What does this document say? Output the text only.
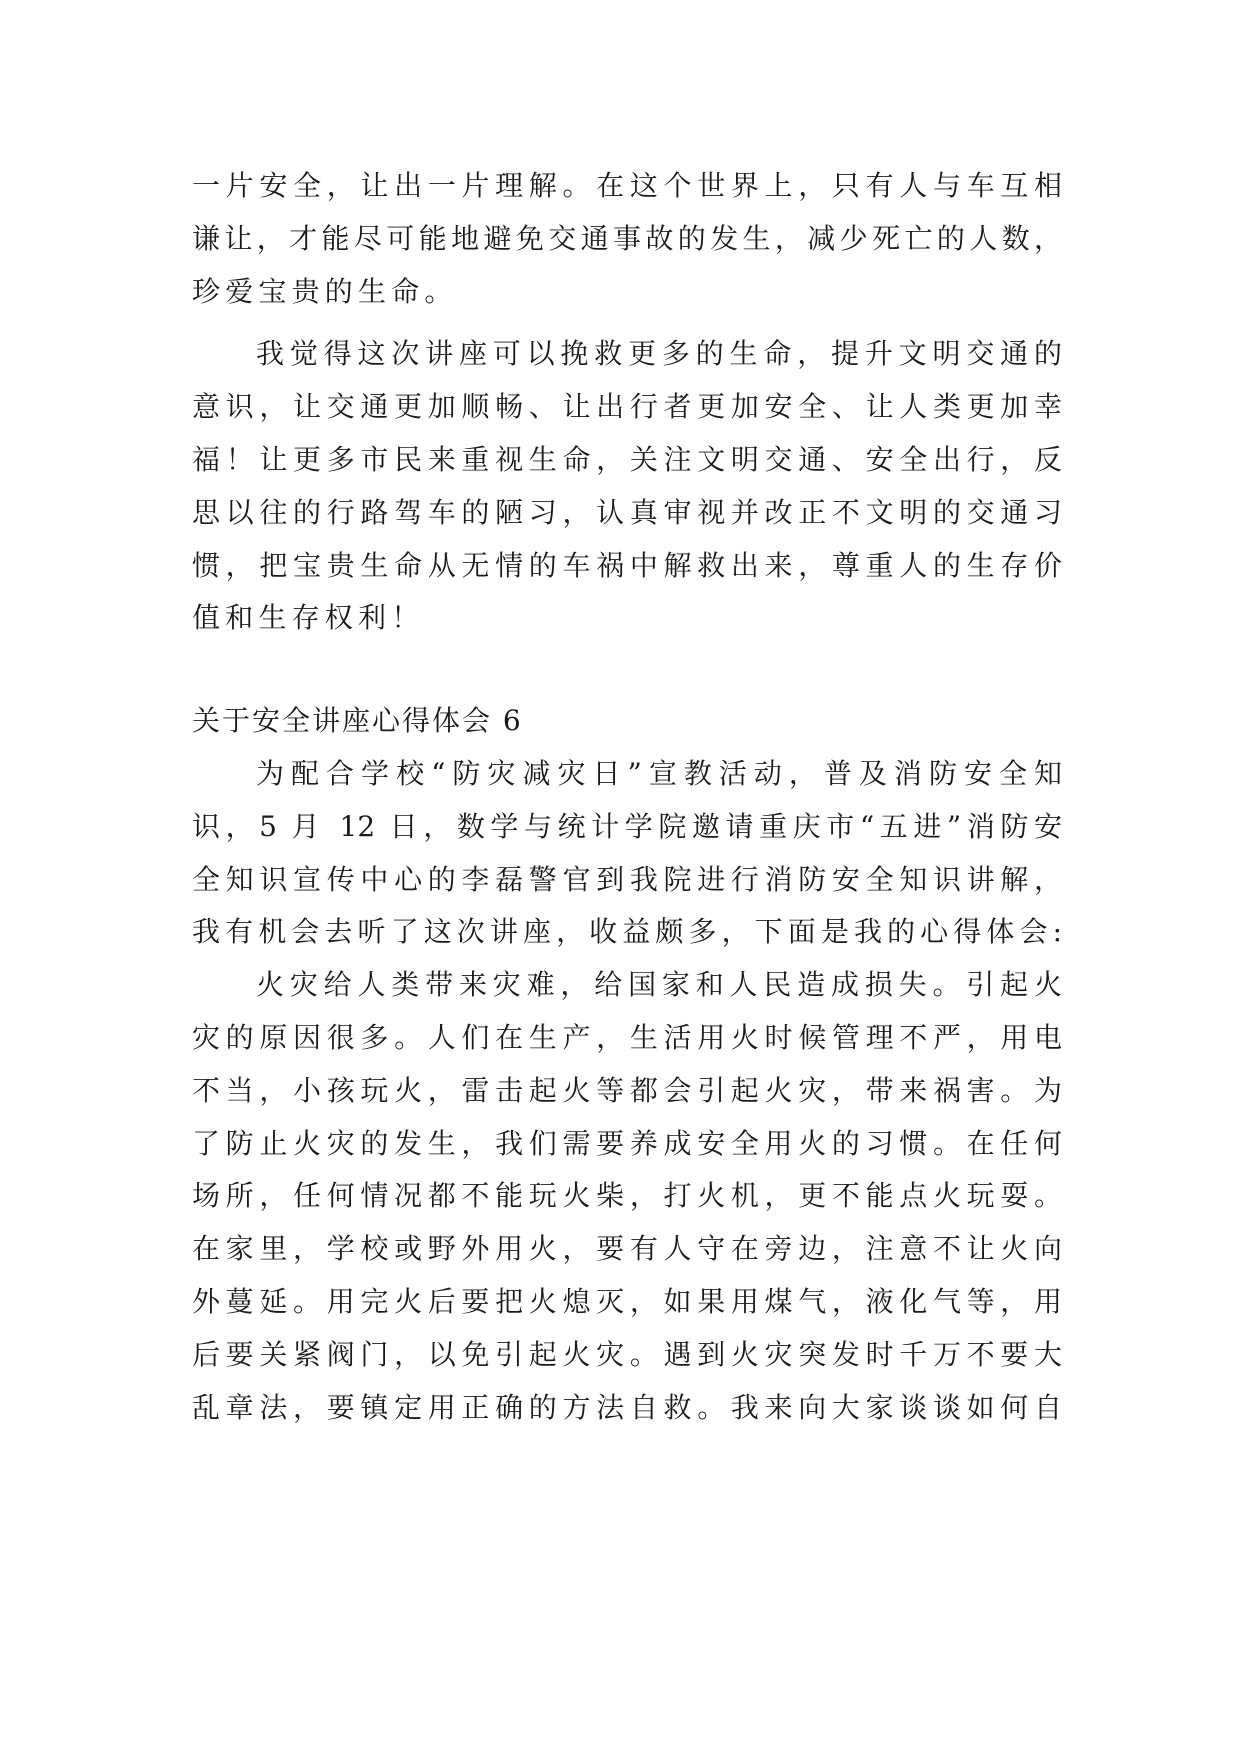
一片安全，让出一片理解。在这个世界上，只有人与车互相
谦让，才能尽可能地避免交通事故的发生，减少死亡的人数，
珍爱宝贵的生命。
我觉得这次讲座可以挽救更多的生命，提升文明交通的
意识，让交通更加顺畅、让出行者更加安全、让人类更加幸
福！让更多市民来重视生命，关注文明交通、安全出行，反
思以往的行路驾车的陋习，认真审视并改正不文明的交通习
惯，把宝贵生命从无情的车祸中解救出来，尊重人的生存价
值和生存权利！
关于安全讲座心得体会 6
为配合学校“防灾减灾日”宣教活动，普及消防安全知
识，5 月 12 日，数学与统计学院邀请重庆市“五进”消防安
全知识宣传中心的李磊警官到我院进行消防安全知识讲解，
我有机会去听了这次讲座，收益颇多，下面是我的心得体会:
火灾给人类带来灾难，给国家和人民造成损失。引起火
灾的原因很多。人们在生产，生活用火时候管理不严，用电
不当，小孩玩火，雷击起火等都会引起火灾，带来祸害。为
了防止火灾的发生，我们需要养成安全用火的习惯。在任何
场所，任何情况都不能玩火柴，打火机，更不能点火玩耍。
在家里，学校或野外用火，要有人守在旁边，注意不让火向
外蔓延。用完火后要把火熄灭，如果用煤气，液化气等，用
后要关紧阀门，以免引起火灾。遇到火灾突发时千万不要大
乱章法，要镇定用正确的方法自救。我来向大家谈谈如何自
